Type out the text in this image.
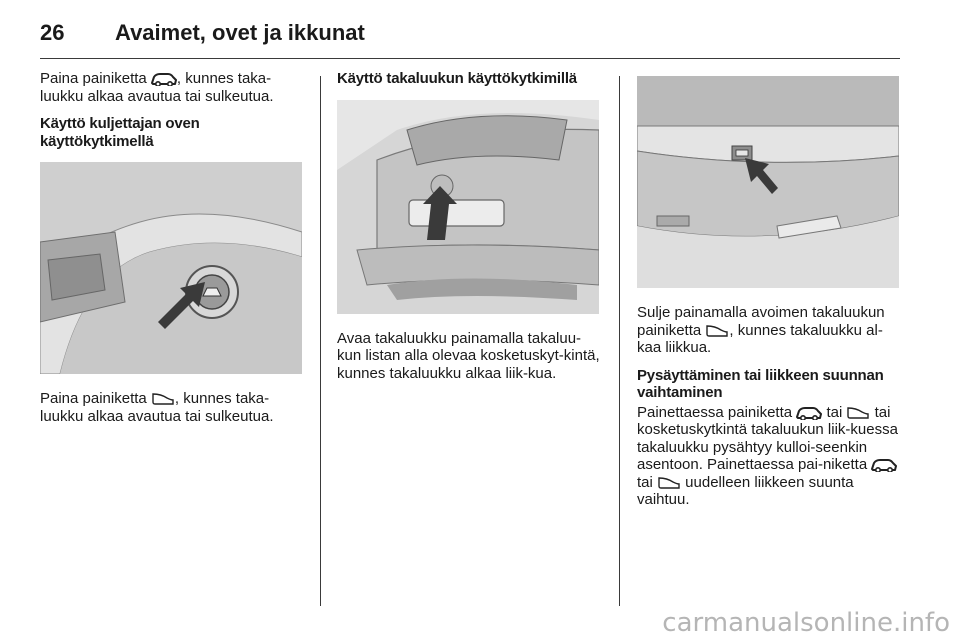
26 Avaimet, ovet ja ikkunat

Paina painiketta , kunnes taka-luukku alkaa avautua tai sulkeutua.

Käyttö kuljettajan oven käyttökytkimellä

Paina painiketta , kunnes taka-luukku alkaa avautua tai sulkeutua.

Käyttö takaluukun käyttökytkimillä

Avaa takaluukku painamalla takaluu-kun listan alla olevaa kosketuskyt-kintä, kunnes takaluukku alkaa liik-kua.

Sulje painamalla avoimen takaluukun painiketta , kunnes takaluukku al-kaa liikkua.

Pysäyttäminen tai liikkeen suunnan vaihtaminen

Painettaessa painiketta  tai  tai kosketuskytkintä takaluukun liik-kuessa takaluukku pysähtyy kulloi-seenkin asentoon. Painettaessa pai-niketta  tai  uudelleen liikkeen suunta vaihtuu.

carmanualsonline.info
